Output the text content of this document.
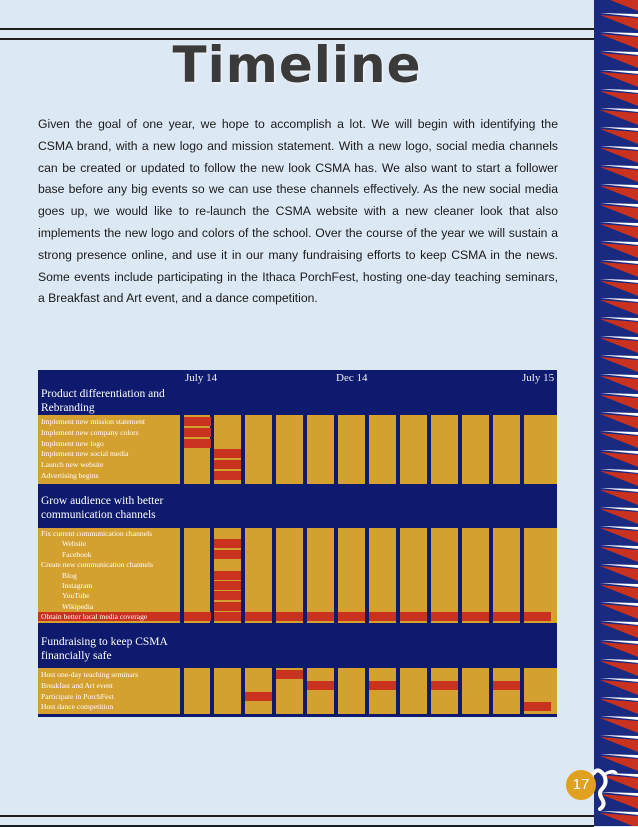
Timeline

Given the goal of one year, we hope to accomplish a lot. We will begin with identifying the CSMA brand, with a new logo and mission statement. With a new logo, social media channels can be created or updated to follow the new look CSMA has. We also want to start a follower base before any big events so we can use these channels effectively. As the new social media goes up, we would like to re-launch the CSMA website with a new cleaner look that also implements the new logo and colors of the school. Over the course of the year we will sustain a strong presence online, and use it in our many fundraising efforts to keep CSMA in the news. Some events include participating in the Ithaca PorchFest, hosting one-day teaching seminars, a Breakfast and Art event, and a dance competition.

July 14	Dec 14	July 15
Product differentiation and Rebranding
Implement new mission statement
Implement new company colors
Implement new logo
Implement new social media
Launch new website
Advertising begins
Grow audience with better communication channels
Fix current communication channels
Website
Facebook
Create new communication channels
Blog
Instagram
YouTube
Wikipedia
Obtain better local media coverage
Fundraising to keep CSMA financially safe
Host one-day teaching seminars
Breakfast and Art event
Participate in PorchFest
Host dance competition
17
